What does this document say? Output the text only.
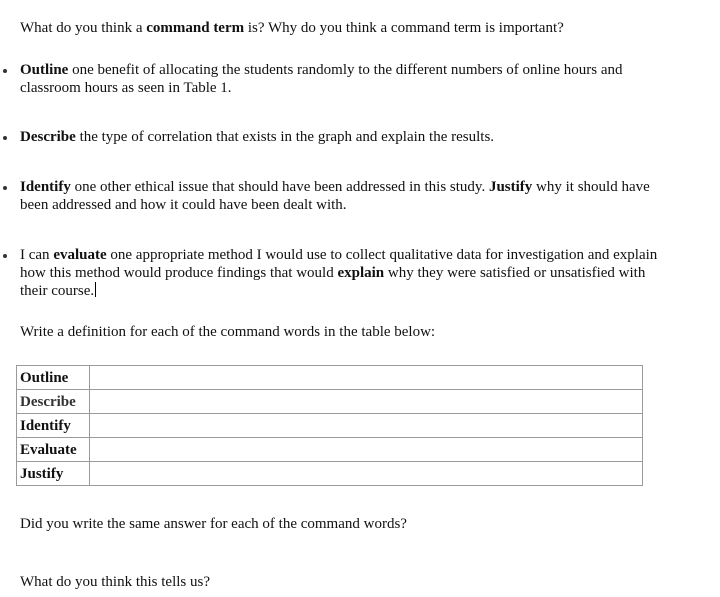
What do you think a command term is? Why do you think a command term is important?
Outline one benefit of allocating the students randomly to the different numbers of online hours and classroom hours as seen in Table 1.
Describe the type of correlation that exists in the graph and explain the results.
Identify one other ethical issue that should have been addressed in this study. Justify why it should have been addressed and how it could have been dealt with.
I can evaluate one appropriate method I would use to collect qualitative data for investigation and explain how this method would produce findings that would explain why they were satisfied or unsatisfied with their course.
Write a definition for each of the command words in the table below:
Outline	
Describe	
Identify	
Evaluate	
Justify	
Did you write the same answer for each of the command words?
What do you think this tells us?
